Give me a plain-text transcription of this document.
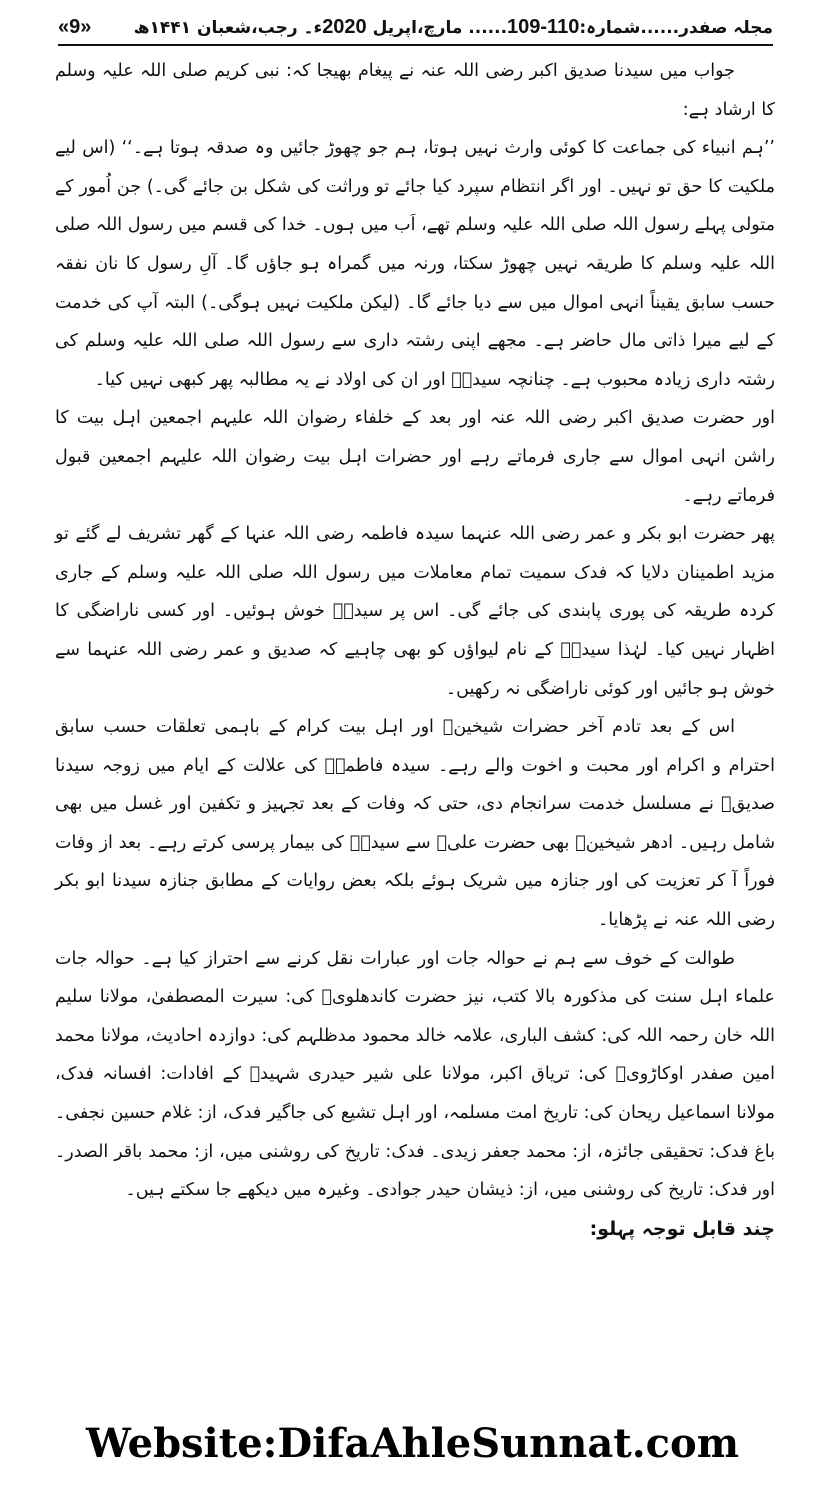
مجلہ صفدر......شمارہ:109-110...... مارچ،اپریل 2020ء۔ رجب،شعبان ۱۴۴۱ھ
« 9 »

جواب میں سیدنا صدیق اکبر رضی اللہ عنہ نے پیغام بھیجا کہ: نبی کریم صلی اللہ علیہ وسلم کا ارشاد ہے:

’’ہم انبیاء کی جماعت کا کوئی وارث نہیں ہوتا، ہم جو چھوڑ جائیں وہ صدقہ ہوتا ہے۔‘‘ (اس لیے ملکیت کا حق تو نہیں۔ اور اگر انتظام سپرد کیا جائے تو وراثت کی شکل بن جائے گی۔) جن اُمور کے متولی پہلے رسول اللہ صلی اللہ علیہ وسلم تھے، اَب میں ہوں۔ خدا کی قسم میں رسول اللہ صلی اللہ علیہ وسلم کا طریقہ نہیں چھوڑ سکتا، ورنہ میں گمراہ ہو جاؤں گا۔ آلِ رسول کا نان نفقہ حسب سابق یقیناً انہی اموال میں سے دیا جائے گا۔ (لیکن ملکیت نہیں ہوگی۔) البتہ آپ کی خدمت کے لیے میرا ذاتی مال حاضر ہے۔ مجھے اپنی رشتہ داری سے رسول اللہ صلی اللہ علیہ وسلم کی رشتہ داری زیادہ محبوب ہے۔ چنانچہ سیدہؓ اور ان کی اولاد نے یہ مطالبہ پھر کبھی نہیں کیا۔

اور حضرت صدیق اکبر رضی اللہ عنہ اور بعد کے خلفاء رضوان اللہ علیہم اجمعین اہل بیت کا راشن انہی اموال سے جاری فرماتے رہے اور حضرات اہل بیت رضوان اللہ علیہم اجمعین قبول فرماتے رہے۔

پھر حضرت ابو بکر و عمر رضی اللہ عنہما سیدہ فاطمہ رضی اللہ عنہا کے گھر تشریف لے گئے تو مزید اطمینان دلایا کہ فدک سمیت تمام معاملات میں رسول اللہ صلی اللہ علیہ وسلم کے جاری کردہ طریقہ کی پوری پابندی کی جائے گی۔ اس پر سیدہؓ خوش ہوئیں۔ اور کسی ناراضگی کا اظہار نہیں کیا۔ لہٰذا سیدہؓ کے نام لیواؤں کو بھی چاہیے کہ صدیق و عمر رضی اللہ عنہما سے خوش ہو جائیں اور کوئی ناراضگی نہ رکھیں۔

اس کے بعد تادم آخر حضرات شیخینؓ اور اہل بیت کرام کے باہمی تعلقات حسب سابق احترام و اکرام اور محبت و اخوت والے رہے۔ سیدہ فاطمہؓ کی علالت کے ایام میں زوجہ سیدنا صدیقؓ نے مسلسل خدمت سرانجام دی، حتی کہ وفات کے بعد تجہیز و تکفین اور غسل میں بھی شامل رہیں۔ ادھر شیخینؓ بھی حضرت علیؓ سے سیدہؓ کی بیمار پرسی کرتے رہے۔ بعد از وفات فوراً آ کر تعزیت کی اور جنازہ میں شریک ہوئے بلکہ بعض روایات کے مطابق جنازہ سیدنا ابو بکر رضی اللہ عنہ نے پڑھایا۔

طوالت کے خوف سے ہم نے حوالہ جات اور عبارات نقل کرنے سے احتراز کیا ہے۔ حوالہ جات علماء اہل سنت کی مذکورہ بالا کتب، نیز حضرت کاندھلویؒ کی: سیرت المصطفیٰ، مولانا سلیم اللہ خان رحمہ اللہ کی: کشف الباری، علامہ خالد محمود مدظلہم کی: دوازدہ احادیث، مولانا محمد امین صفدر اوکاڑویؒ کی: تریاق اکبر، مولانا علی شیر حیدری شہیدؒ کے افادات: افسانہ فدک، مولانا اسماعیل ریحان کی: تاریخ امت مسلمہ، اور اہل تشیع کی جاگیر فدک، از: غلام حسین نجفی۔ باغ فدک: تحقیقی جائزہ، از: محمد جعفر زیدی۔ فدک: تاریخ کی روشنی میں، از: محمد باقر الصدر۔ اور فدک: تاریخ کی روشنی میں، از: ذیشان حیدر جوادی۔ وغیرہ میں دیکھے جا سکتے ہیں۔

چند قابل توجہ پہلو:

Website:DifaAhleSunnat.com
